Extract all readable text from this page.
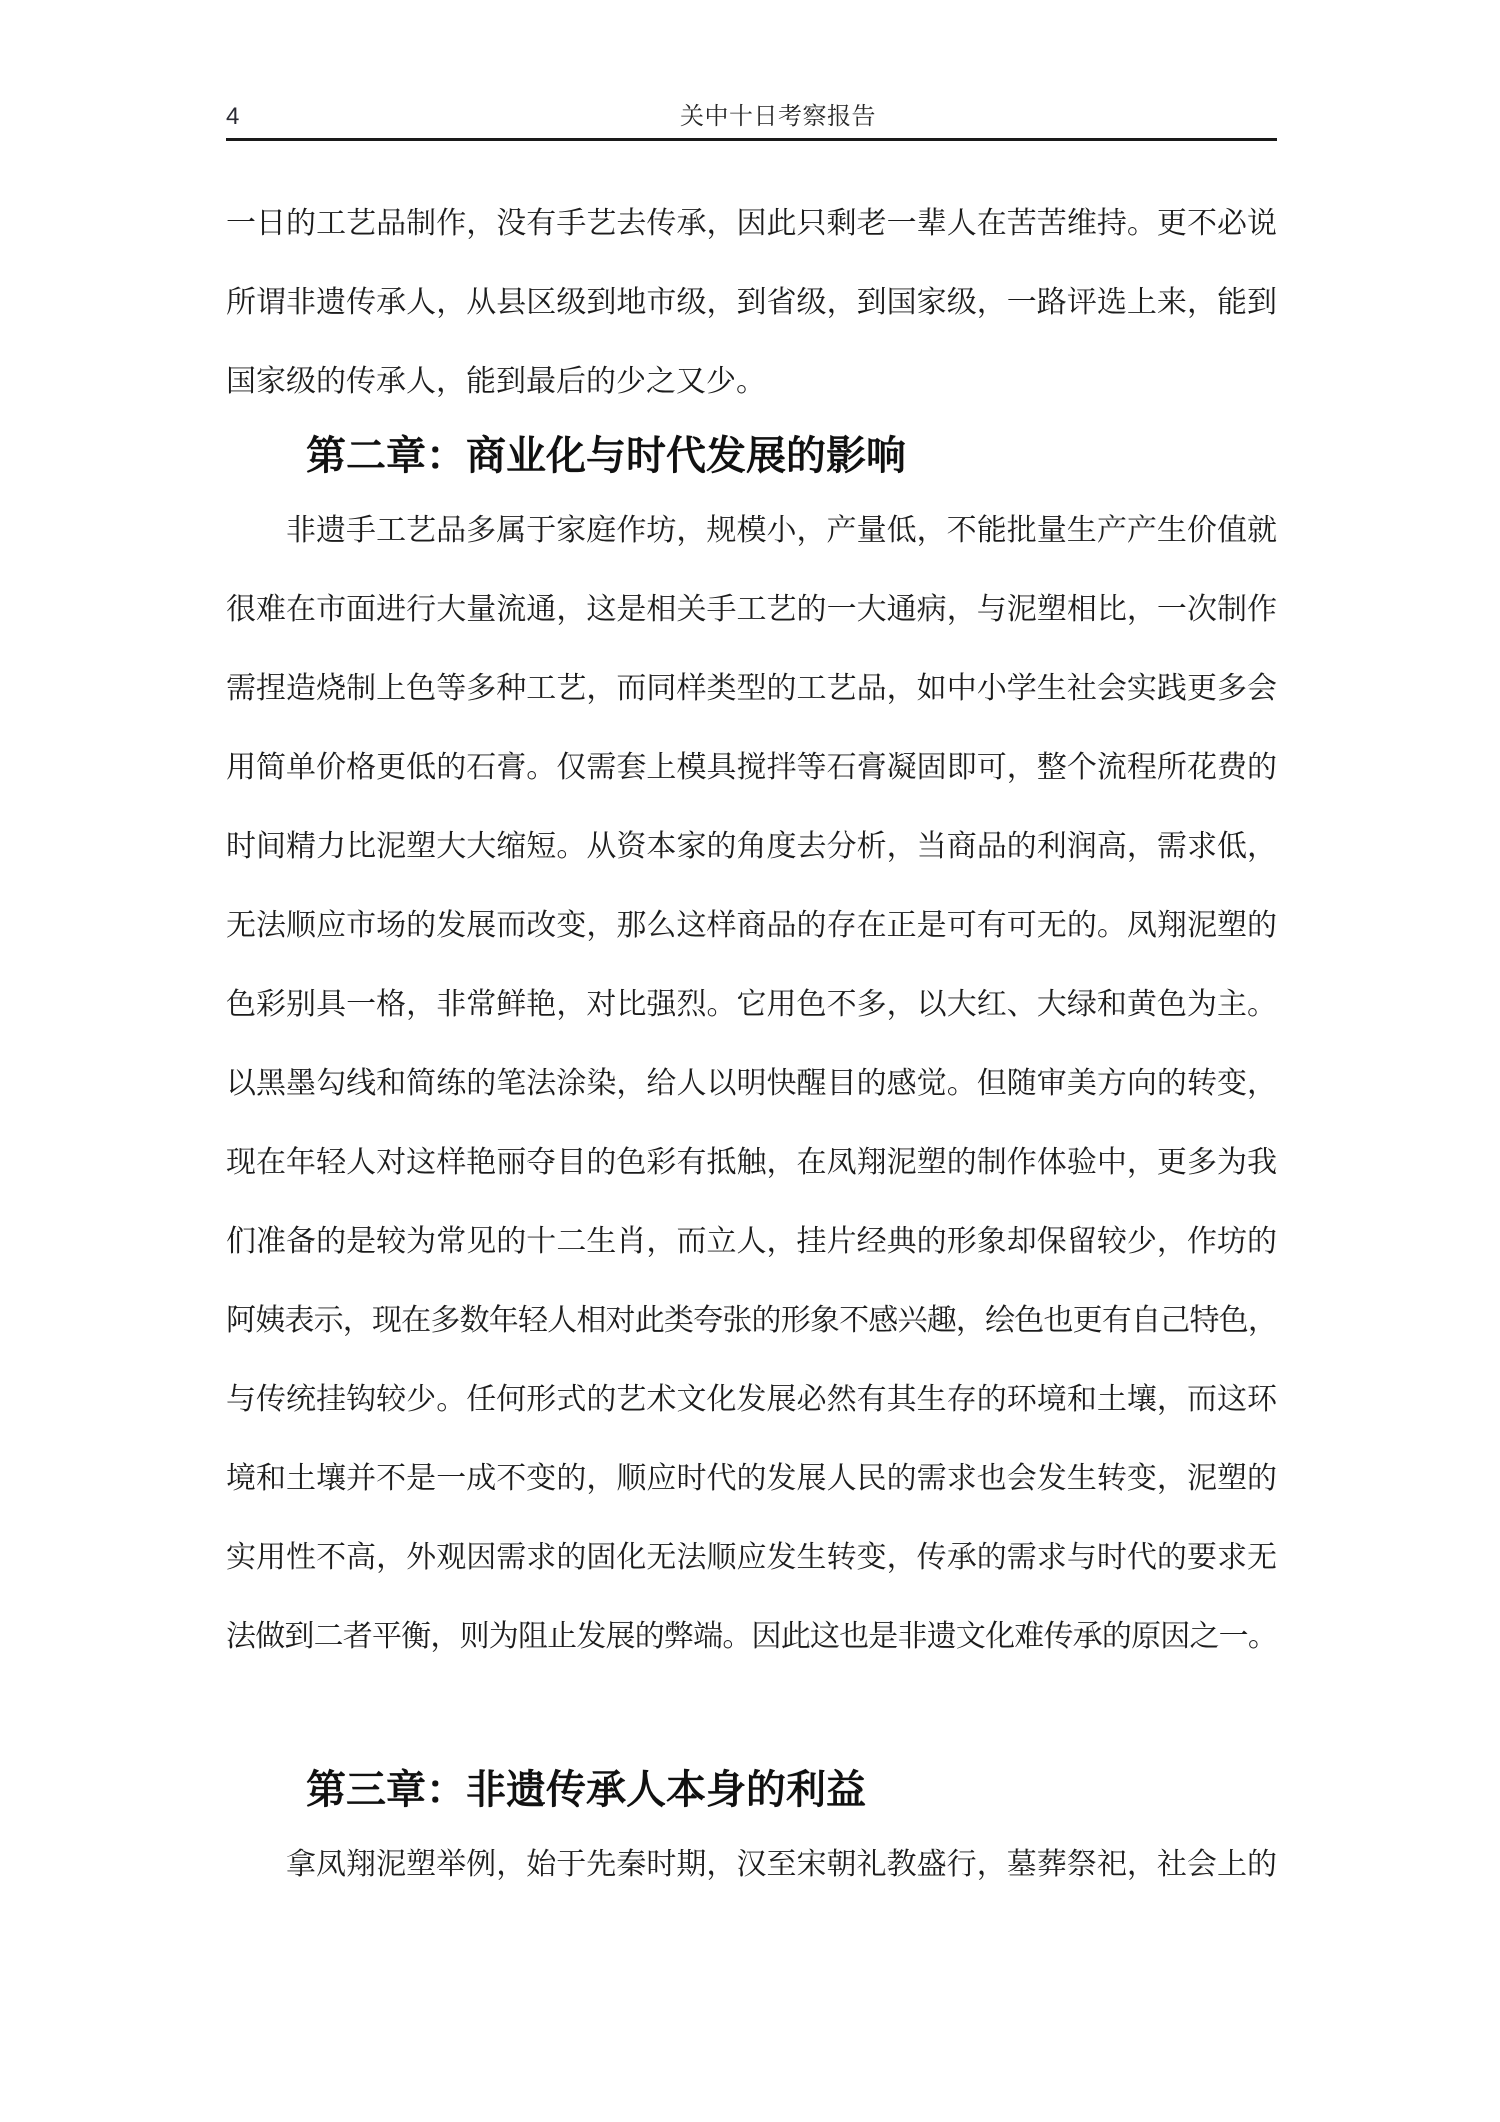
4	关中十日考察报告
一日的工艺品制作，没有手艺去传承，因此只剩老一辈人在苦苦维持。更不必说
所谓非遗传承人，从县区级到地市级，到省级，到国家级，一路评选上来，能到
国家级的传承人，能到最后的少之又少。
第二章：商业化与时代发展的影响
非遗手工艺品多属于家庭作坊，规模小，产量低，不能批量生产产生价值就
很难在市面进行大量流通，这是相关手工艺的一大通病，与泥塑相比，一次制作
需捏造烧制上色等多种工艺，而同样类型的工艺品，如中小学生社会实践更多会
用简单价格更低的石膏。仅需套上模具搅拌等石膏凝固即可，整个流程所花费的
时间精力比泥塑大大缩短。从资本家的角度去分析，当商品的利润高，需求低，
无法顺应市场的发展而改变，那么这样商品的存在正是可有可无的。凤翔泥塑的
色彩别具一格，非常鲜艳，对比强烈。它用色不多，以大红、大绿和黄色为主。
以黑墨勾线和简练的笔法涂染，给人以明快醒目的感觉。但随审美方向的转变，
现在年轻人对这样艳丽夺目的色彩有抵触，在凤翔泥塑的制作体验中，更多为我
们准备的是较为常见的十二生肖，而立人，挂片经典的形象却保留较少，作坊的
阿姨表示，现在多数年轻人相对此类夸张的形象不感兴趣，绘色也更有自己特色，
与传统挂钩较少。任何形式的艺术文化发展必然有其生存的环境和土壤，而这环
境和土壤并不是一成不变的，顺应时代的发展人民的需求也会发生转变，泥塑的
实用性不高，外观因需求的固化无法顺应发生转变，传承的需求与时代的要求无
法做到二者平衡，则为阻止发展的弊端。因此这也是非遗文化难传承的原因之一。
第三章：非遗传承人本身的利益
拿凤翔泥塑举例，始于先秦时期，汉至宋朝礼教盛行，墓葬祭祀，社会上的
